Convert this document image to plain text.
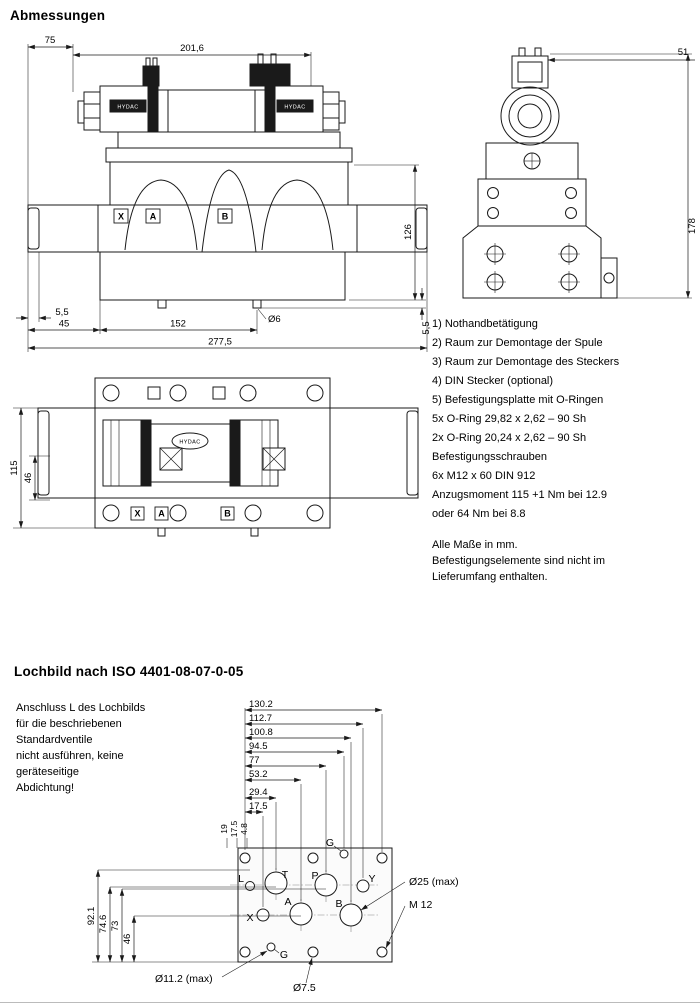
Abmessungen
X	A	B
HYDAC	HYDAC
75
201,6
126
5,5
45	152	Ø6
277,5
5,5
51
178
1) Nothandbetätigung
2) Raum zur Demontage der Spule
3) Raum zur Demontage des Steckers
4) DIN Stecker (optional)
5) Befestigungsplatte mit O-Ringen
5x O-Ring 29,82 x 2,62 – 90 Sh
2x O-Ring 20,24 x 2,62 – 90 Sh
Befestigungsschrauben
6x M12 x 60 DIN 912
Anzugsmoment 115 +1 Nm bei 12.9
oder 64 Nm bei 8.8
Alle Maße in mm.
Befestigungselemente sind nicht im
Lieferumfang enthalten.
HYDAC
X A	B
115
46
Lochbild nach ISO 4401-08-07-0-05
Anschluss L des Lochbilds
für die beschriebenen
Standardventile
nicht ausführen, keine
geräteseitige
Abdichtung!
130.2
112.7
100.8
94.5
77
53.2
29.4
17.5
19 17.5 4.8
92.1 74.6 73
46
G
T P	Y
L
A	B
X
G
Ø25 (max)
M 12
Ø11.2 (max)
Ø7.5
